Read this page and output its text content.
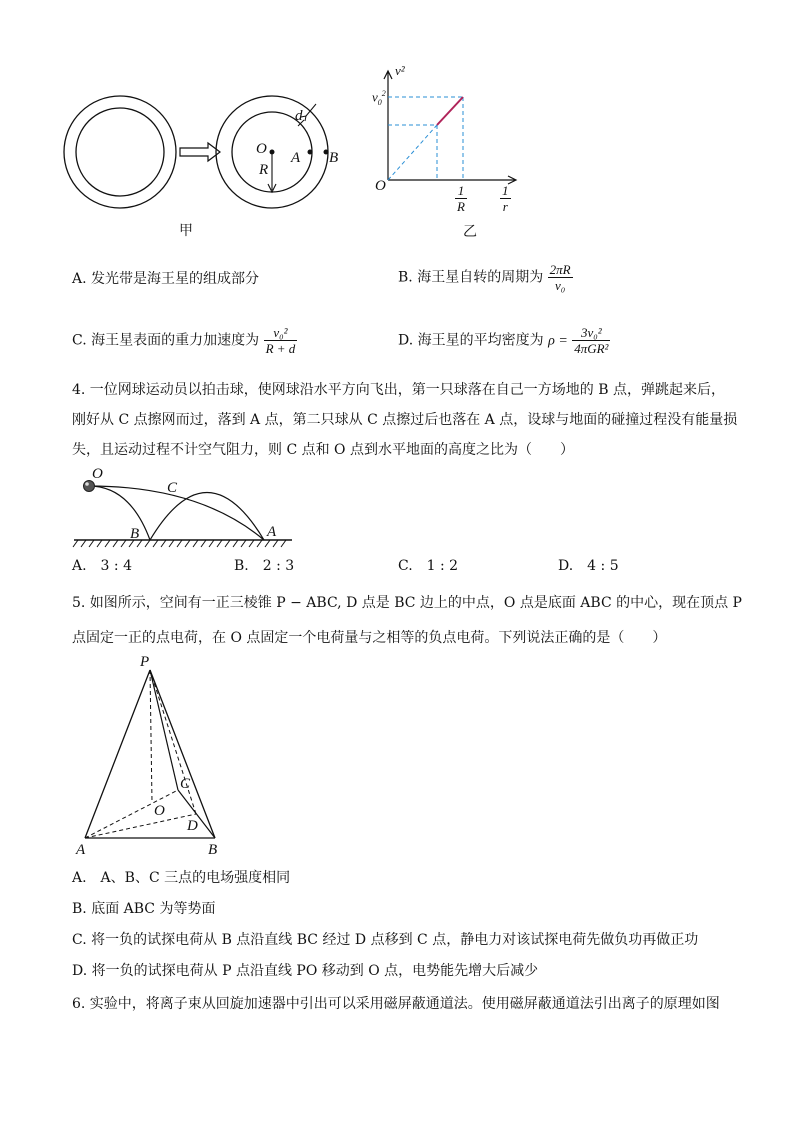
O
R
A B
d
甲
v²
$v_0^2$
O	$\frac{1}{R}$	$\frac{1}{r}$
乙
A. 发光带是海王星的组成部分	B. 海王星自转的周期为 $\frac{2\pi R}{\text{v₀}}$
C. 海王星表面的重力加速度为 $\frac{\text{v₀²}}{R + d}$	D. 海王星的平均密度为 $\rho = \frac{\text{3v₀²}}{\text{4πGR²}}$
4. 一位网球运动员以拍击球，使网球沿水平方向飞出，第一只球落在自己一方场地的 B 点，弹跳起来后，
刚好从 C 点擦网而过，落到 A 点，第二只球从 C 点擦过后也落在 A 点，设球与地面的碰撞过程没有能量损
失，且运动过程不计空气阻力，则 C 点和 O 点到水平地面的高度之比为（　　）
O
C
B	A
A.　3 : 4	B.　2 : 3	C.　1 : 2	D.　4 : 5
5. 如图所示，空间有一正三棱锥 P − ABC, D 点是 BC 边上的中点，O 点是底面 ABC 的中心，现在顶点 P
点固定一正的点电荷，在 O 点固定一个电荷量与之相等的负点电荷。下列说法正确的是（　　）
P
C
O
D
A	B
A.　A、B、C 三点的电场强度相同
B. 底面 ABC 为等势面
C. 将一负的试探电荷从 B 点沿直线 BC 经过 D 点移到 C 点，静电力对该试探电荷先做负功再做正功
D. 将一负的试探电荷从 P 点沿直线 PO 移动到 O 点，电势能先增大后减少
6. 实验中，将离子束从回旋加速器中引出可以采用磁屏蔽通道法。使用磁屏蔽通道法引出离子的原理如图
